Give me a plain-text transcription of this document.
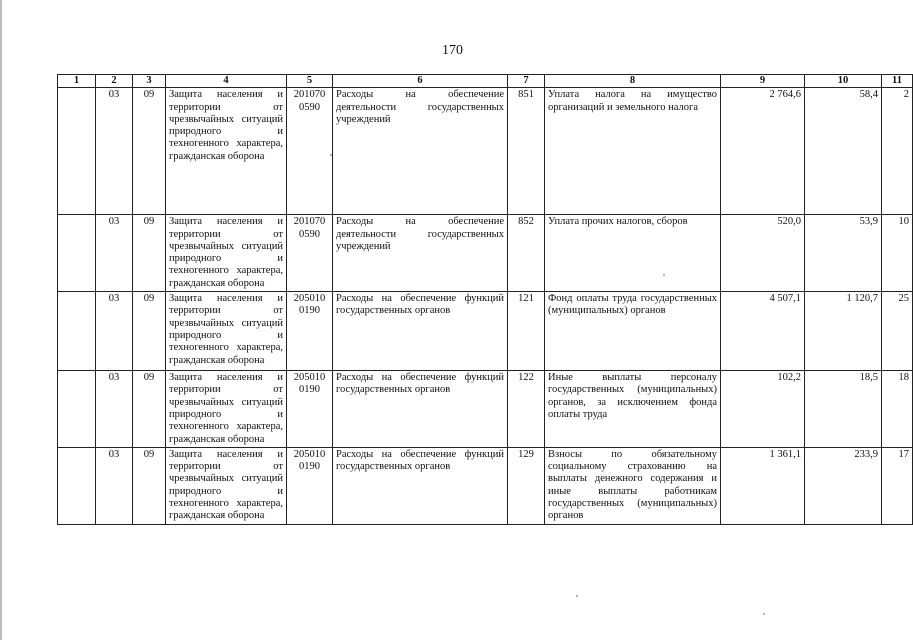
170
1	2	3	4	5	6	7	8	9	10	11
	03	09	Защита населения и территории от чрезвычайных ситуаций природного и техногенного характера, гражданская оборона	201070 0590	Расходы на обеспечение деятельности государственных учреждений	851	Уплата налога на имущество организаций и земельного налога	2 764,6	58,4	2
	03	09	Защита населения и территории от чрезвычайных ситуаций природного и техногенного характера, гражданская оборона	201070 0590	Расходы на обеспечение деятельности государственных учреждений	852	Уплата прочих налогов, сборов	520,0	53,9	10
	03	09	Защита населения и территории от чрезвычайных ситуаций природного и техногенного характера, гражданская оборона	205010 0190	Расходы на обеспечение функций государственных органов	121	Фонд оплаты труда государственных (муниципальных) органов	4 507,1	1 120,7	25
	03	09	Защита населения и территории от чрезвычайных ситуаций природного и техногенного характера, гражданская оборона	205010 0190	Расходы на обеспечение функций государственных органов	122	Иные выплаты персоналу государственных (муниципальных) органов, за исключением фонда оплаты труда	102,2	18,5	18
	03	09	Защита населения и территории от чрезвычайных ситуаций природного и техногенного характера, гражданская оборона	205010 0190	Расходы на обеспечение функций государственных органов	129	Взносы по обязательному социальному страхованию на выплаты денежного содержания и иные выплаты работникам государственных (муниципальных) органов	1 361,1	233,9	17
